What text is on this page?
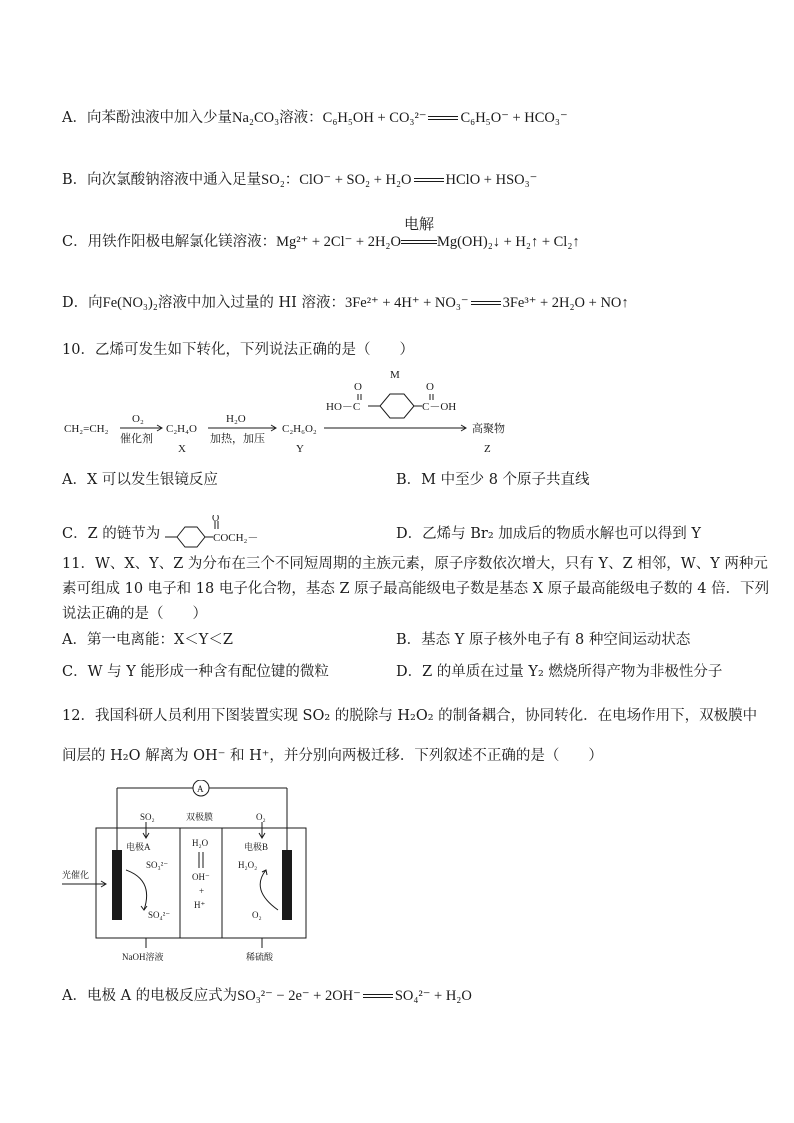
A．向苯酚浊液中加入少量Na₂CO₃溶液：C₆H₅OH + CO₃²⁻ C₆H₅O⁻ + HCO₃⁻
B．向次氯酸钠溶液中通入足量SO₂：ClO⁻ + SO₂ + H₂O HClO + HSO₃⁻
C．用铁作阳极电解氯化镁溶液：Mg²⁺ + 2Cl⁻ + 2H₂O
电解
Mg(OH)₂↓ + H₂↑ + Cl₂↑
D．向Fe(NO₃)₂溶液中加入过量的 HI 溶液：3Fe²⁺ + 4H⁺ + NO₃⁻ 3Fe³⁺ + 2H₂O + NO↑
10．乙烯可发生如下转化，下列说法正确的是（　　）
CH₂=CH₂
O₂
催化剂
C₂H₄O
X
H₂O
加热，加压
C₂H₆O₂
Y
M
HO－C	C－OH
O	O
高聚物
Z
A．X 可以发生银镜反应	B．M 中至少 8 个原子共直线
C．Z 的链节为
O
COCH₂－	D．乙烯与 Br₂ 加成后的物质水解也可以得到 Y
11．W、X、Y、Z 为分布在三个不同短周期的主族元素，原子序数依次增大，只有 Y、Z 相邻，W、Y 两种元
素可组成 10 电子和 18 电子化合物，基态 Z 原子最高能级电子数是基态 X 原子最高能级电子数的 4 倍．下列
说法正确的是（　　）
A．第一电离能：X＜Y＜Z	B．基态 Y 原子核外电子有 8 种空间运动状态
C．W 与 Y 能形成一种含有配位键的微粒	D．Z 的单质在过量 Y₂ 燃烧所得产物为非极性分子
12．我国科研人员利用下图装置实现 SO₂ 的脱除与 H₂O₂ 的制备耦合，协同转化．在电场作用下，双极膜中
间层的 H₂O 解离为 OH⁻ 和 H⁺，并分别向两极迁移．下列叙述不正确的是（　　）
A
SO₂	双极膜	O₂
光催化
电极A
SO₃²⁻
SO₄²⁻
H₂O
OH⁻
+
H⁺
电极B
H₂O₂
O₂
NaOH溶液	稀硫酸
A．电极 A 的电极反应式为SO₃²⁻ − 2e⁻ + 2OH⁻ SO₄²⁻ + H₂O
